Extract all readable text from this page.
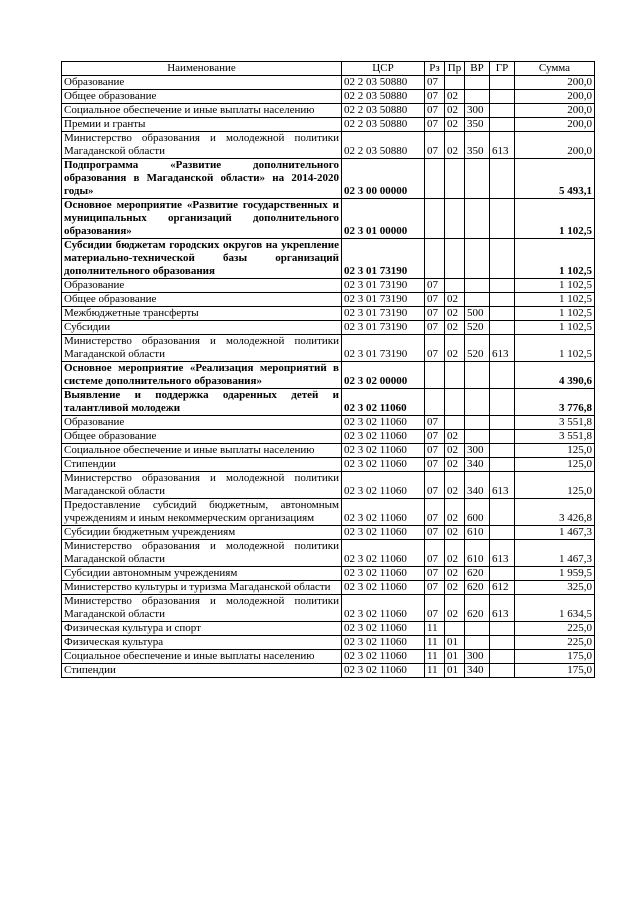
Наименование	ЦСР	Рз	Пр	ВР	ГР	Сумма
Образование	02 2 03 50880	07				200,0
Общее образование	02 2 03 50880	07	02			200,0
Социальное обеспечение и иные выплаты населению	02 2 03 50880	07	02	300		200,0
Премии и гранты	02 2 03 50880	07	02	350		200,0
Министерство образования и молодежной политики Магаданской области	02 2 03 50880	07	02	350	613	200,0
Подпрограмма «Развитие дополнительного образования в Магаданской области» на 2014-2020 годы»	02 3 00 00000					5 493,1
Основное мероприятие «Развитие государственных и муниципальных организаций дополнительного образования»	02 3 01 00000					1 102,5
Субсидии бюджетам городских округов на укрепление материально-технической базы организаций дополнительного образования	02 3 01 73190					1 102,5
Образование	02 3 01 73190	07				1 102,5
Общее образование	02 3 01 73190	07	02			1 102,5
Межбюджетные трансферты	02 3 01 73190	07	02	500		1 102,5
Субсидии	02 3 01 73190	07	02	520		1 102,5
Министерство образования и молодежной политики Магаданской области	02 3 01 73190	07	02	520	613	1 102,5
Основное мероприятие «Реализация мероприятий в системе дополнительного образования»	02 3 02 00000					4 390,6
Выявление и поддержка одаренных детей и талантливой молодежи	02 3 02 11060					3 776,8
Образование	02 3 02 11060	07				3 551,8
Общее образование	02 3 02 11060	07	02			3 551,8
Социальное обеспечение и иные выплаты населению	02 3 02 11060	07	02	300		125,0
Стипендии	02 3 02 11060	07	02	340		125,0
Министерство образования и молодежной политики Магаданской области	02 3 02 11060	07	02	340	613	125,0
Предоставление субсидий бюджетным, автономным учреждениям и иным некоммерческим организациям	02 3 02 11060	07	02	600		3 426,8
Субсидии бюджетным учреждениям	02 3 02 11060	07	02	610		1 467,3
Министерство образования и молодежной политики Магаданской области	02 3 02 11060	07	02	610	613	1 467,3
Субсидии автономным учреждениям	02 3 02 11060	07	02	620		1 959,5
Министерство культуры и туризма Магаданской области	02 3 02 11060	07	02	620	612	325,0
Министерство образования и молодежной политики Магаданской области	02 3 02 11060	07	02	620	613	1 634,5
Физическая культура и спорт	02 3 02 11060	11				225,0
Физическая культура	02 3 02 11060	11	01			225,0
Социальное обеспечение и иные выплаты населению	02 3 02 11060	11	01	300		175,0
Стипендии	02 3 02 11060	11	01	340		175,0
